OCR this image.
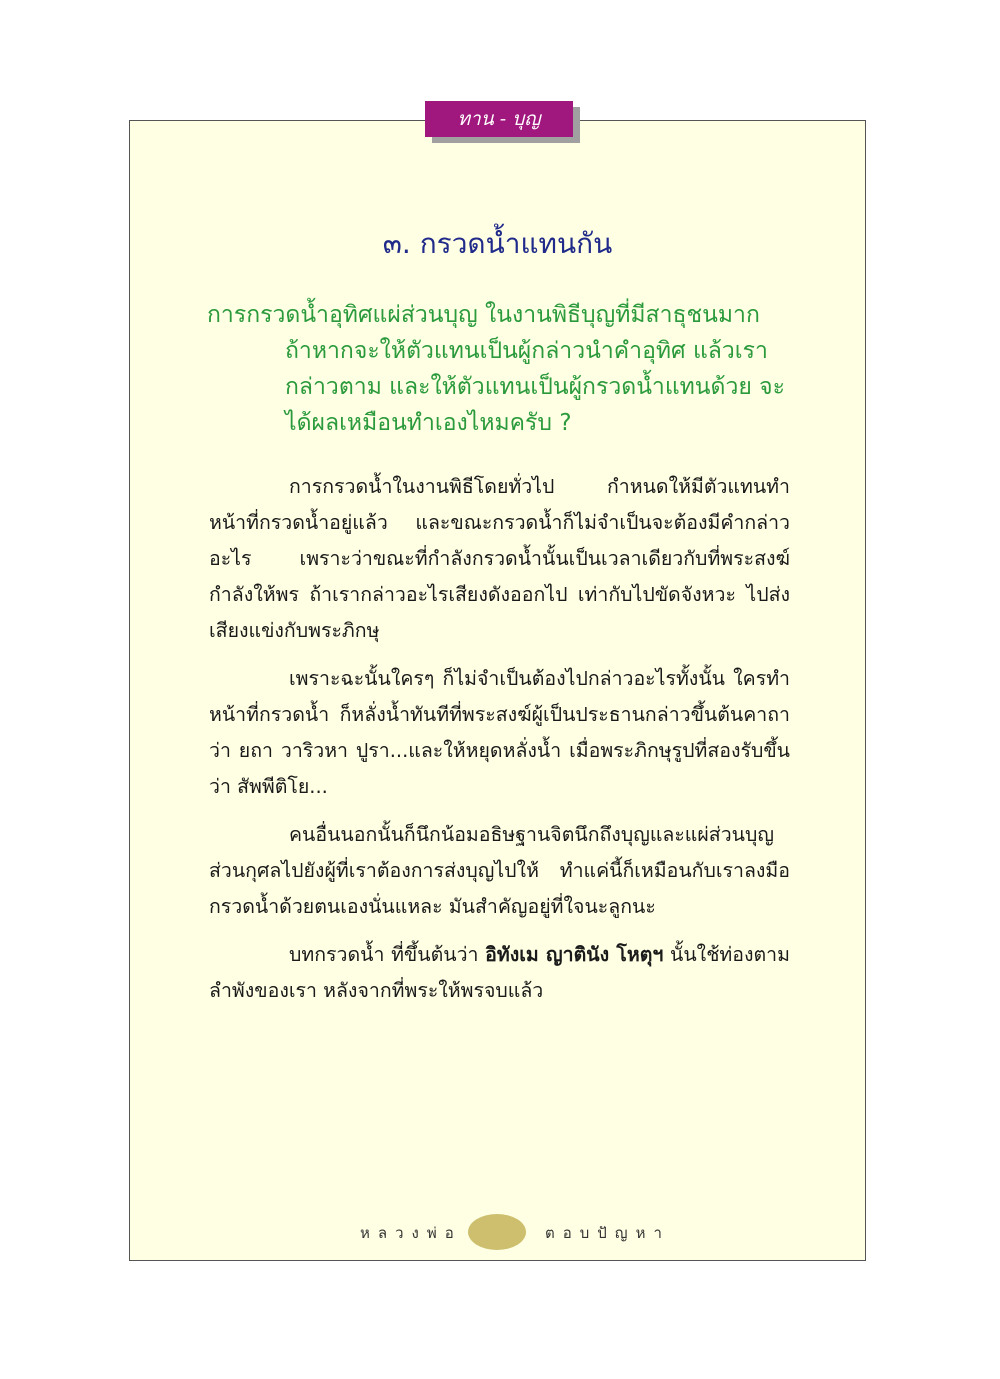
ทาน - บุญ
๓. กรวดน้ำแทนกัน
การกรวดน้ำอุทิศแผ่ส่วนบุญ ในงานพิธีบุญที่มีสาธุชนมาก ถ้าหากจะให้ตัวแทนเป็นผู้กล่าวนำคำอุทิศ แล้วเรากล่าวตาม และให้ตัวแทนเป็นผู้กรวดน้ำแทนด้วย จะได้ผลเหมือนทำเองไหมครับ ?

การกรวดน้ำในงานพิธีโดยทั่วไป กำหนดให้มีตัวแทนทำหน้าที่กรวดน้ำอยู่แล้ว และขณะกรวดน้ำก็ไม่จำเป็นจะต้องมีคำกล่าวอะไร เพราะว่าขณะที่กำลังกรวดน้ำนั้นเป็นเวลาเดียวกับที่พระสงฆ์กำลังให้พร ถ้าเรากล่าวอะไรเสียงดังออกไป เท่ากับไปขัดจังหวะ ไปส่งเสียงแข่งกับพระภิกษุ

เพราะฉะนั้นใครๆ ก็ไม่จำเป็นต้องไปกล่าวอะไรทั้งนั้น ใครทำหน้าที่กรวดน้ำ ก็หลั่งน้ำทันทีที่พระสงฆ์ผู้เป็นประธานกล่าวขึ้นต้นคาถาว่า ยถา วาริวหา ปูรา...และให้หยุดหลั่งน้ำ เมื่อพระภิกษุรูปที่สองรับขึ้นว่า สัพพีติโย...

คนอื่นนอกนั้นก็นึกน้อมอธิษฐานจิตนึกถึงบุญและแผ่ส่วนบุญส่วนกุศลไปยังผู้ที่เราต้องการส่งบุญไปให้ ทำแค่นี้ก็เหมือนกับเราลงมือกรวดน้ำด้วยตนเองนั่นแหละ มันสำคัญอยู่ที่ใจนะลูกนะ

บทกรวดน้ำ ที่ขึ้นต้นว่า อิทังเม ญาตินัง โหตุฯ นั้นใช้ท่องตามลำพังของเรา หลังจากที่พระให้พรจบแล้ว

หลวงพ่อ	ตอบปัญหา
